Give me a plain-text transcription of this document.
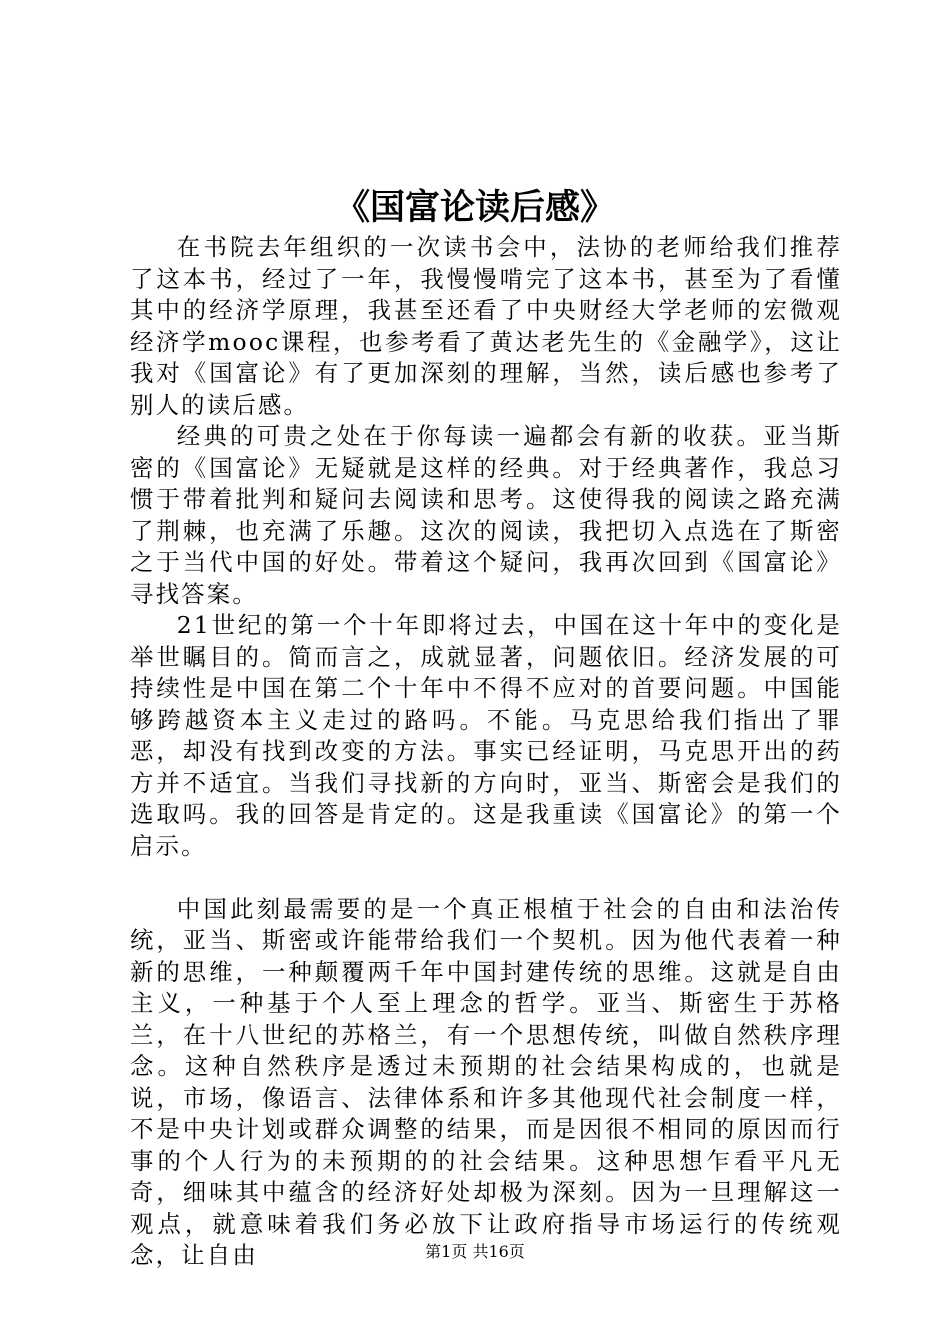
《国富论读后感》

在书院去年组织的一次读书会中，法协的老师给我们推荐了这本书，经过了一年，我慢慢啃完了这本书，甚至为了看懂其中的经济学原理，我甚至还看了中央财经大学老师的宏微观经济学mooc课程，也参考看了黄达老先生的《金融学》，这让我对《国富论》有了更加深刻的理解，当然，读后感也参考了别人的读后感。

经典的可贵之处在于你每读一遍都会有新的收获。亚当斯密的《国富论》无疑就是这样的经典。对于经典著作，我总习惯于带着批判和疑问去阅读和思考。这使得我的阅读之路充满了荆棘，也充满了乐趣。这次的阅读，我把切入点选在了斯密之于当代中国的好处。带着这个疑问，我再次回到《国富论》寻找答案。

21世纪的第一个十年即将过去，中国在这十年中的变化是举世瞩目的。简而言之，成就显著，问题依旧。经济发展的可持续性是中国在第二个十年中不得不应对的首要问题。中国能够跨越资本主义走过的路吗。不能。马克思给我们指出了罪恶，却没有找到改变的方法。事实已经证明，马克思开出的药方并不适宜。当我们寻找新的方向时，亚当、斯密会是我们的选取吗。我的回答是肯定的。这是我重读《国富论》的第一个启示。

中国此刻最需要的是一个真正根植于社会的自由和法治传统，亚当、斯密或许能带给我们一个契机。因为他代表着一种新的思维，一种颠覆两千年中国封建传统的思维。这就是自由主义，一种基于个人至上理念的哲学。亚当、斯密生于苏格兰，在十八世纪的苏格兰，有一个思想传统，叫做自然秩序理念。这种自然秩序是透过未预期的社会结果构成的，也就是说，市场，像语言、法律体系和许多其他现代社会制度一样，不是中央计划或群众调整的结果，而是因很不相同的原因而行事的个人行为的未预期的的社会结果。这种思想乍看平凡无奇，细味其中蕴含的经济好处却极为深刻。因为一旦理解这一观点，就意味着我们务必放下让政府指导市场运行的传统观念，让自由	第1页 共16页
